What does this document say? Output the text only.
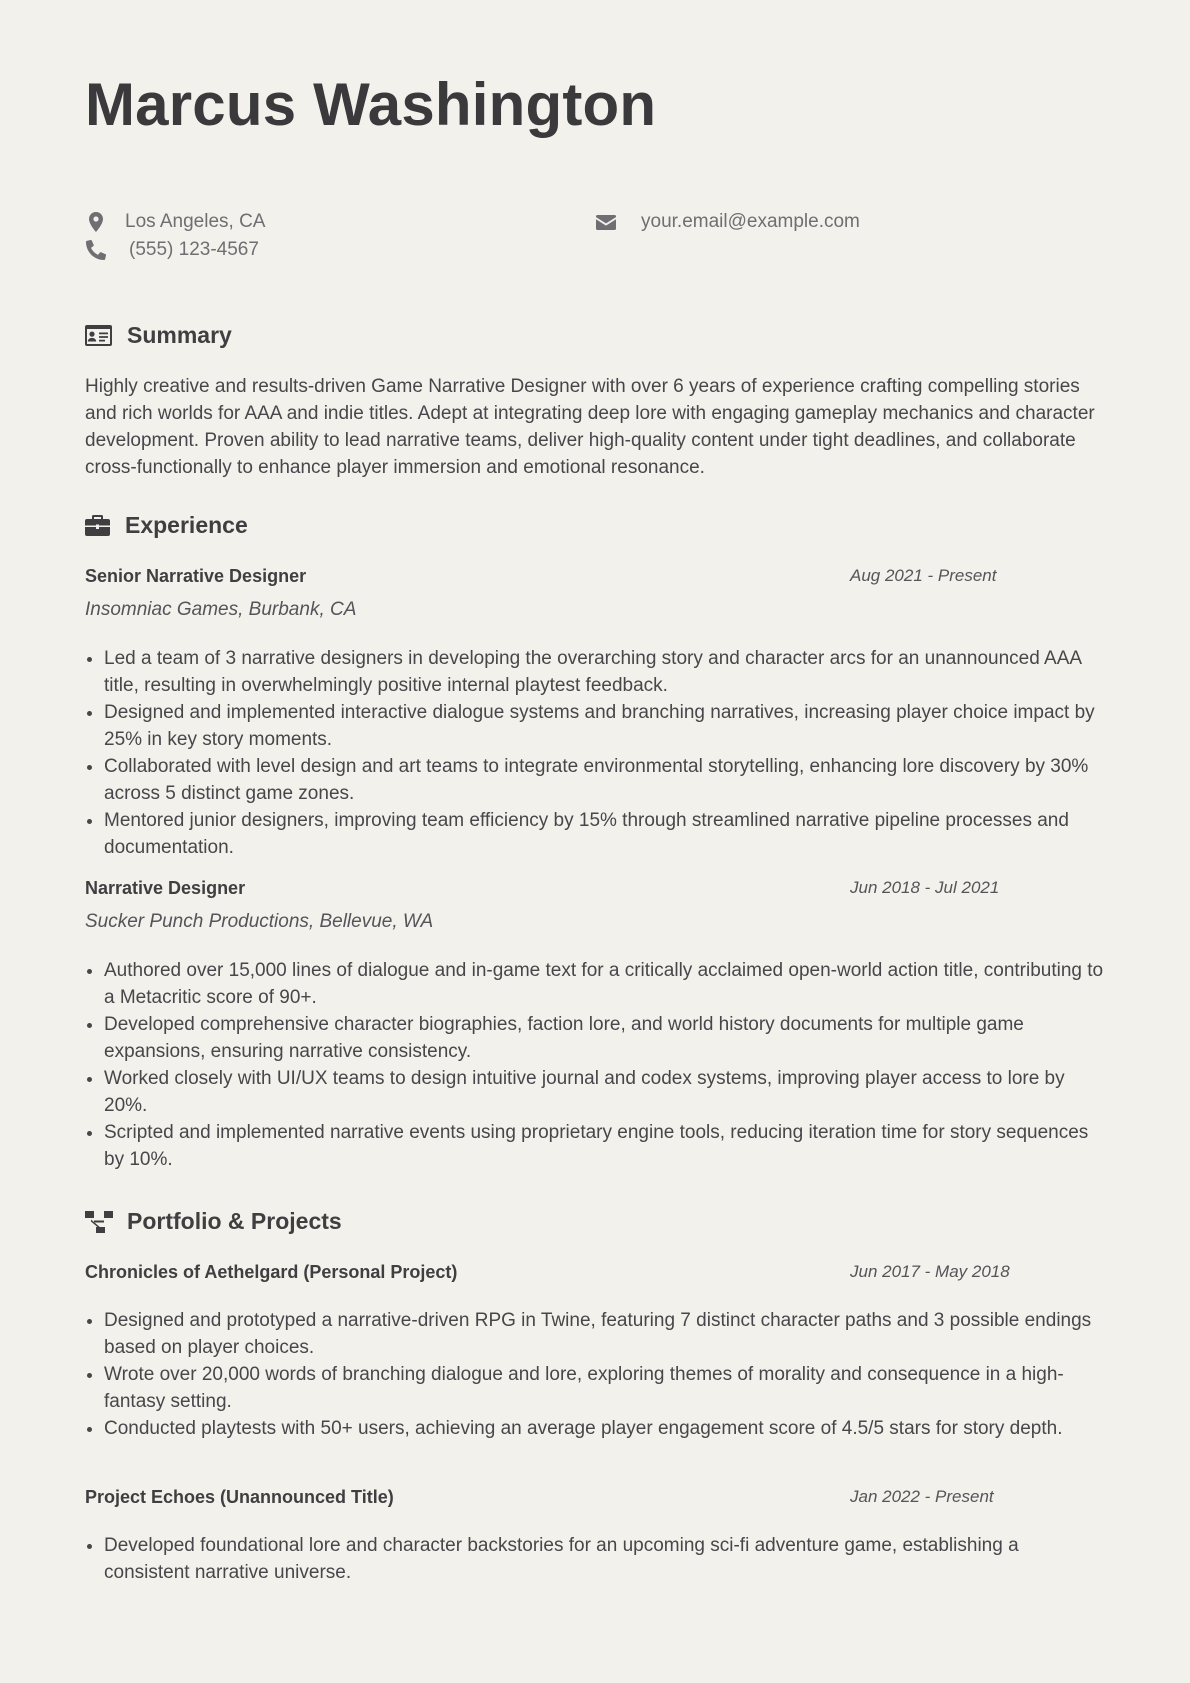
Marcus Washington
Los Angeles, CA
(555) 123-4567
your.email@example.com
Summary
Highly creative and results-driven Game Narrative Designer with over 6 years of experience crafting compelling stories and rich worlds for AAA and indie titles. Adept at integrating deep lore with engaging gameplay mechanics and character development. Proven ability to lead narrative teams, deliver high-quality content under tight deadlines, and collaborate cross-functionally to enhance player immersion and emotional resonance.
Experience
Senior Narrative Designer	Aug 2021 - Present
Insomniac Games, Burbank, CA
Led a team of 3 narrative designers in developing the overarching story and character arcs for an unannounced AAA title, resulting in overwhelmingly positive internal playtest feedback.
Designed and implemented interactive dialogue systems and branching narratives, increasing player choice impact by 25% in key story moments.
Collaborated with level design and art teams to integrate environmental storytelling, enhancing lore discovery by 30% across 5 distinct game zones.
Mentored junior designers, improving team efficiency by 15% through streamlined narrative pipeline processes and documentation.
Narrative Designer	Jun 2018 - Jul 2021
Sucker Punch Productions, Bellevue, WA
Authored over 15,000 lines of dialogue and in-game text for a critically acclaimed open-world action title, contributing to a Metacritic score of 90+.
Developed comprehensive character biographies, faction lore, and world history documents for multiple game expansions, ensuring narrative consistency.
Worked closely with UI/UX teams to design intuitive journal and codex systems, improving player access to lore by 20%.
Scripted and implemented narrative events using proprietary engine tools, reducing iteration time for story sequences by 10%.
Portfolio & Projects
Chronicles of Aethelgard (Personal Project)	Jun 2017 - May 2018
Designed and prototyped a narrative-driven RPG in Twine, featuring 7 distinct character paths and 3 possible endings based on player choices.
Wrote over 20,000 words of branching dialogue and lore, exploring themes of morality and consequence in a high-fantasy setting.
Conducted playtests with 50+ users, achieving an average player engagement score of 4.5/5 stars for story depth.
Project Echoes (Unannounced Title)	Jan 2022 - Present
Developed foundational lore and character backstories for an upcoming sci-fi adventure game, establishing a consistent narrative universe.
